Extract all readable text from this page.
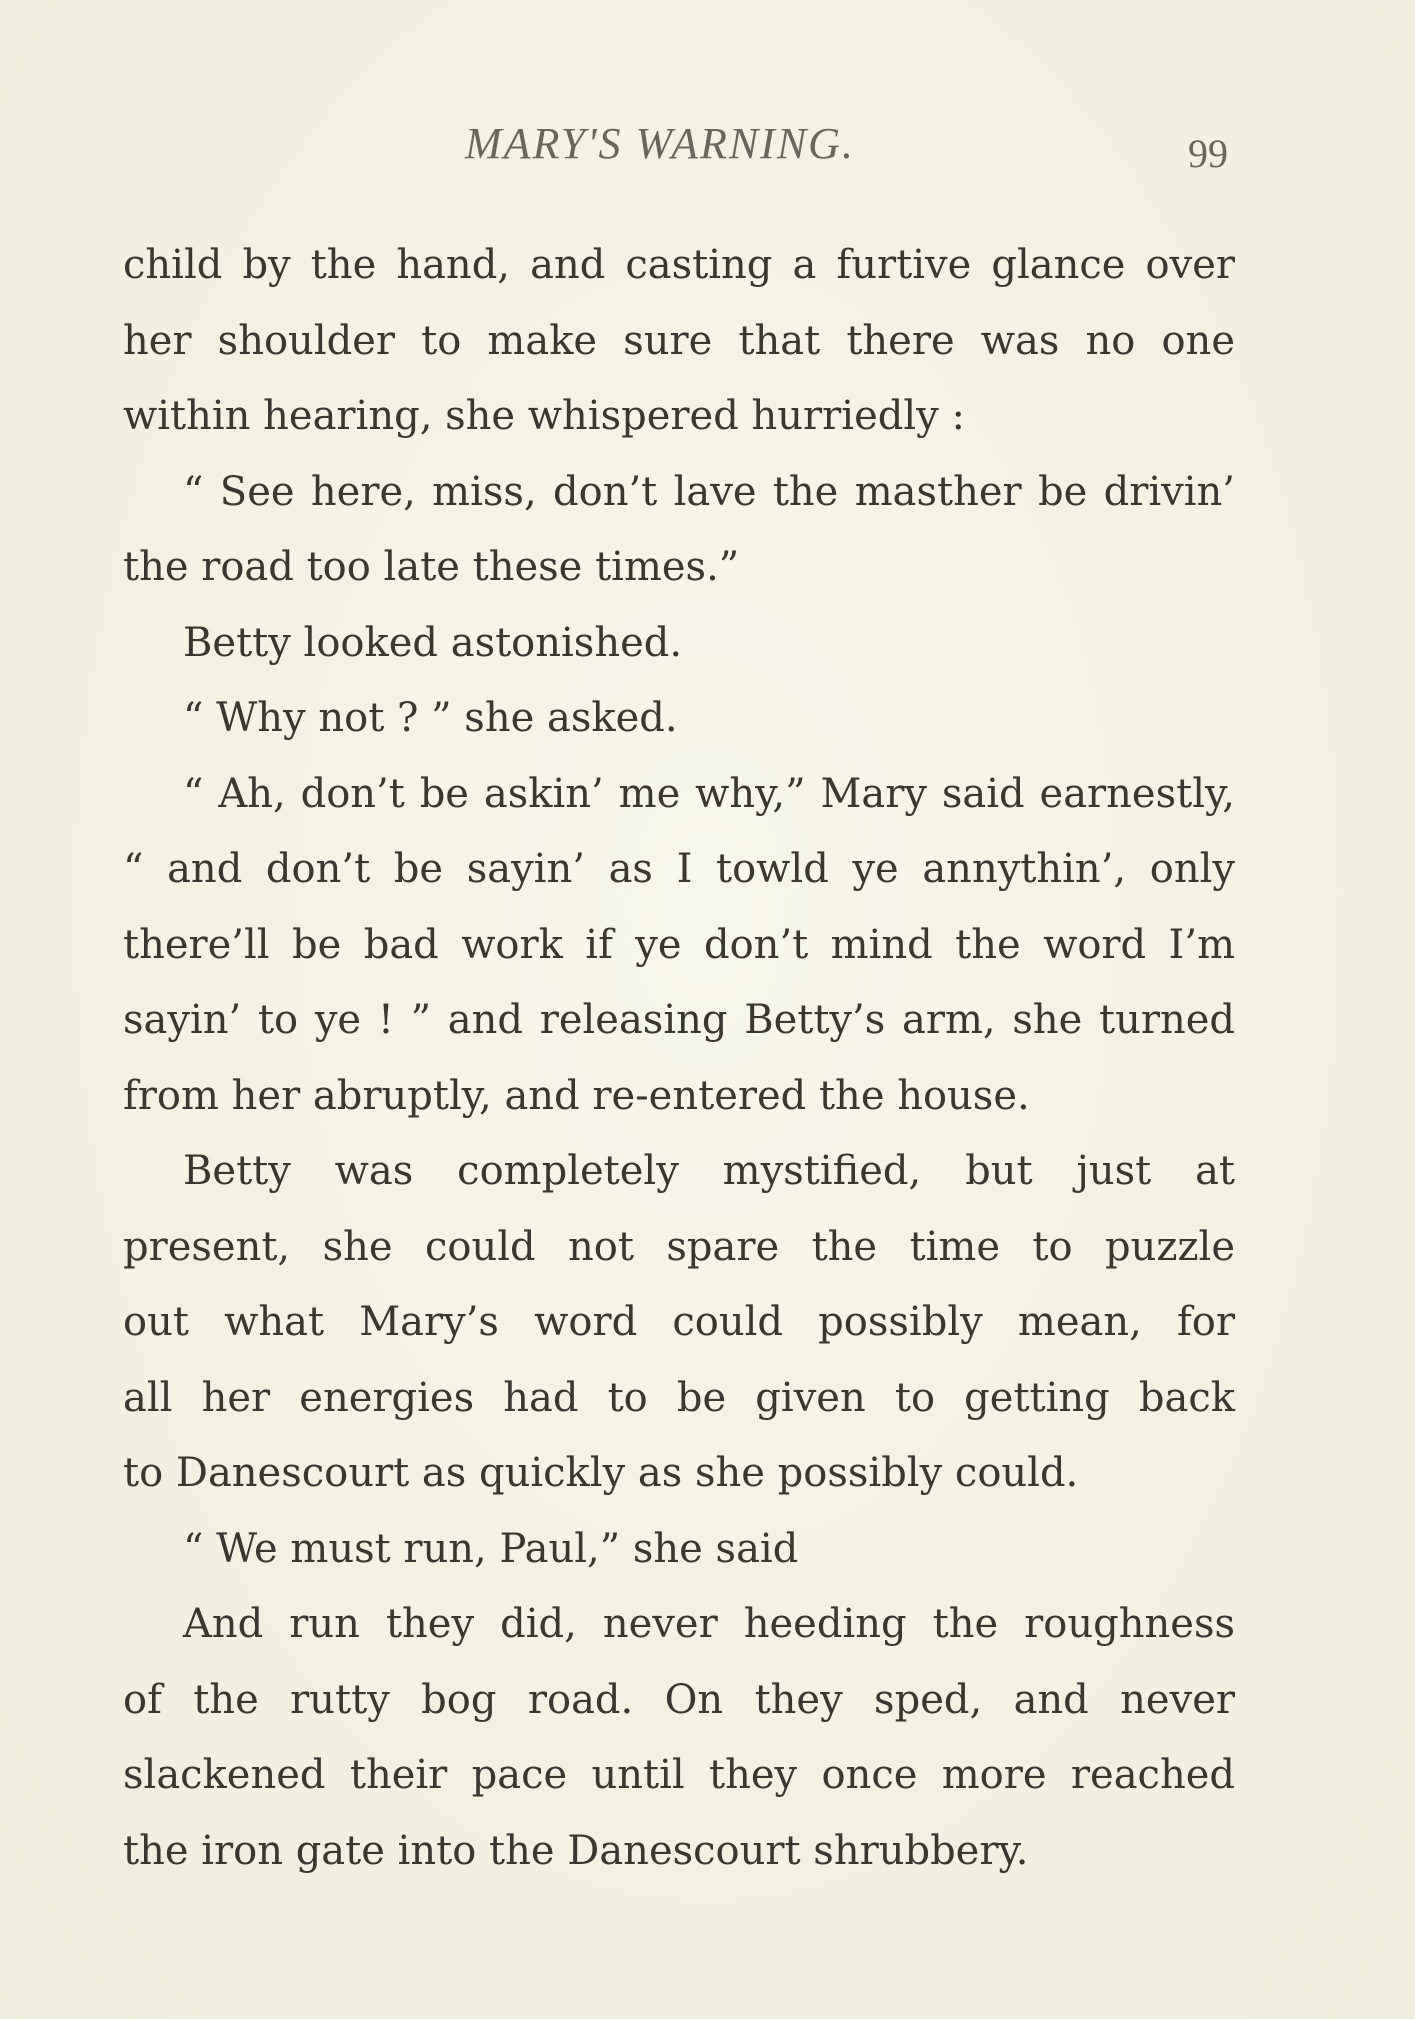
MARY'S WARNING.	99
child by the hand, and casting a furtive glance over
her shoulder to make sure that there was no one
within hearing, she whispered hurriedly :
“ See here, miss, don’t lave the masther be drivin’
the road too late these times.”
Betty looked astonished.
“ Why not ? ” she asked.
“ Ah, don’t be askin’ me why,” Mary said earnestly,
“ and don’t be sayin’ as I towld ye annythin’, only
there’ll be bad work if ye don’t mind the word I’m
sayin’ to ye ! ” and releasing Betty’s arm, she turned
from her abruptly, and re-entered the house.
Betty was completely mystified, but just at
present, she could not spare the time to puzzle
out what Mary’s word could possibly mean, for
all her energies had to be given to getting back
to Danescourt as quickly as she possibly could.
“ We must run, Paul,” she said
And run they did, never heeding the roughness
of the rutty bog road. On they sped, and never
slackened their pace until they once more reached
the iron gate into the Danescourt shrubbery.
